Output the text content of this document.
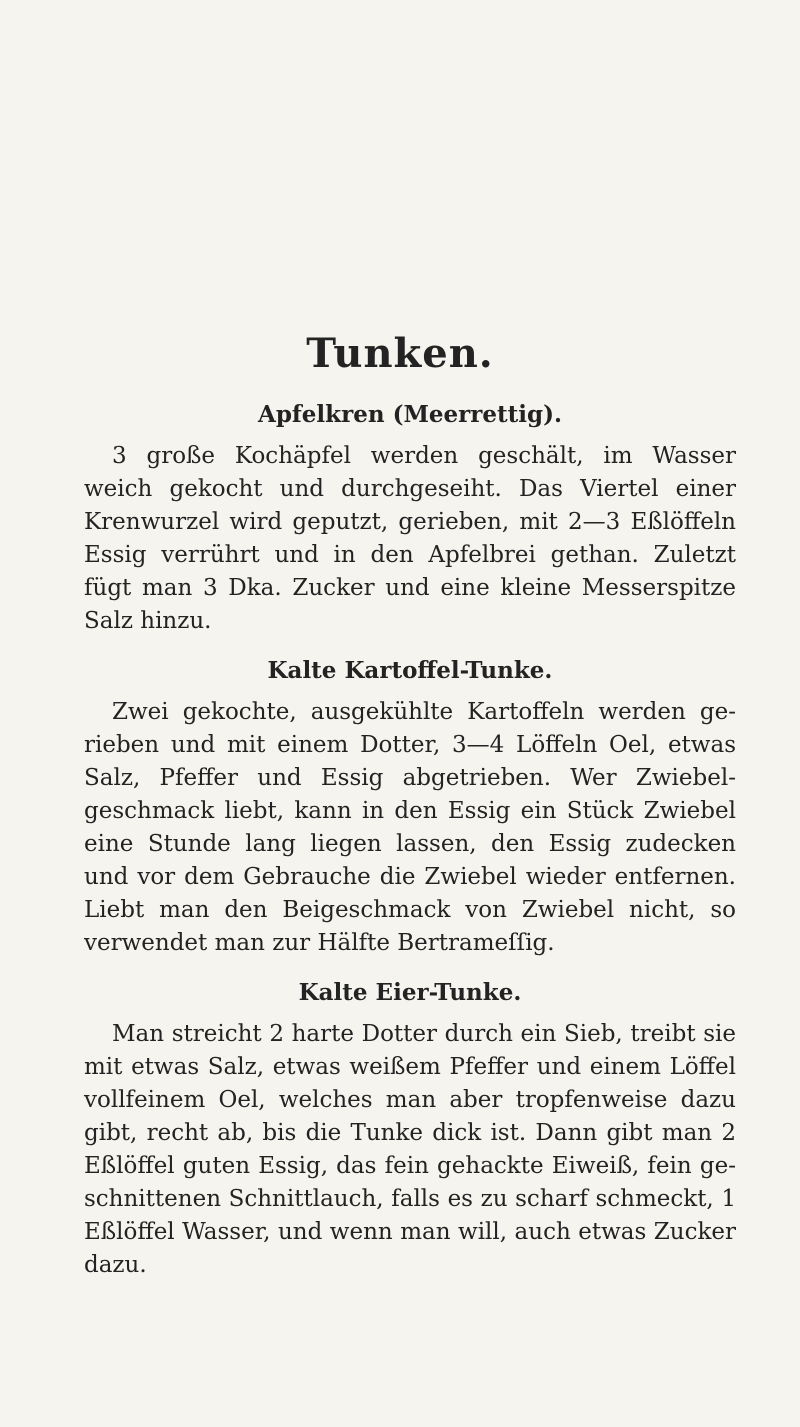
Tunken.
Apfelkren (Meerrettig).

3 große Kochäpfel werden geschält, im Wasser weich gekocht und durchgeseiht. Das Viertel einer Krenwurzel wird geputzt, gerieben, mit 2—3 Eßlöffeln Essig verrührt und in den Apfelbrei gethan. Zuletzt fügt man 3 Dka. Zucker und eine kleine Messerspitze Salz hinzu.

Kalte Kartoffel-Tunke.

Zwei gekochte, ausgekühlte Kartoffeln werden gerieben und mit einem Dotter, 3—4 Löffeln Oel, etwas Salz, Pfeffer und Essig abgetrieben. Wer Zwiebelgeschmack liebt, kann in den Essig ein Stück Zwiebel eine Stunde lang liegen lassen, den Essig zudecken und vor dem Gebrauche die Zwiebel wieder entfernen. Liebt man den Beigeschmack von Zwiebel nicht, so verwendet man zur Hälfte Bertrameſſig.

Kalte Eier-Tunke.

Man streicht 2 harte Dotter durch ein Sieb, treibt sie mit etwas Salz, etwas weißem Pfeffer und einem Löffel vollfeinem Oel, welches man aber tropfenweise dazu gibt, recht ab, bis die Tunke dick ist. Dann gibt man 2 Eßlöffel guten Essig, das fein gehackte Eiweiß, fein geschnittenen Schnittlauch, falls es zu scharf schmeckt, 1 Eßlöffel Wasser, und wenn man will, auch etwas Zucker dazu.
